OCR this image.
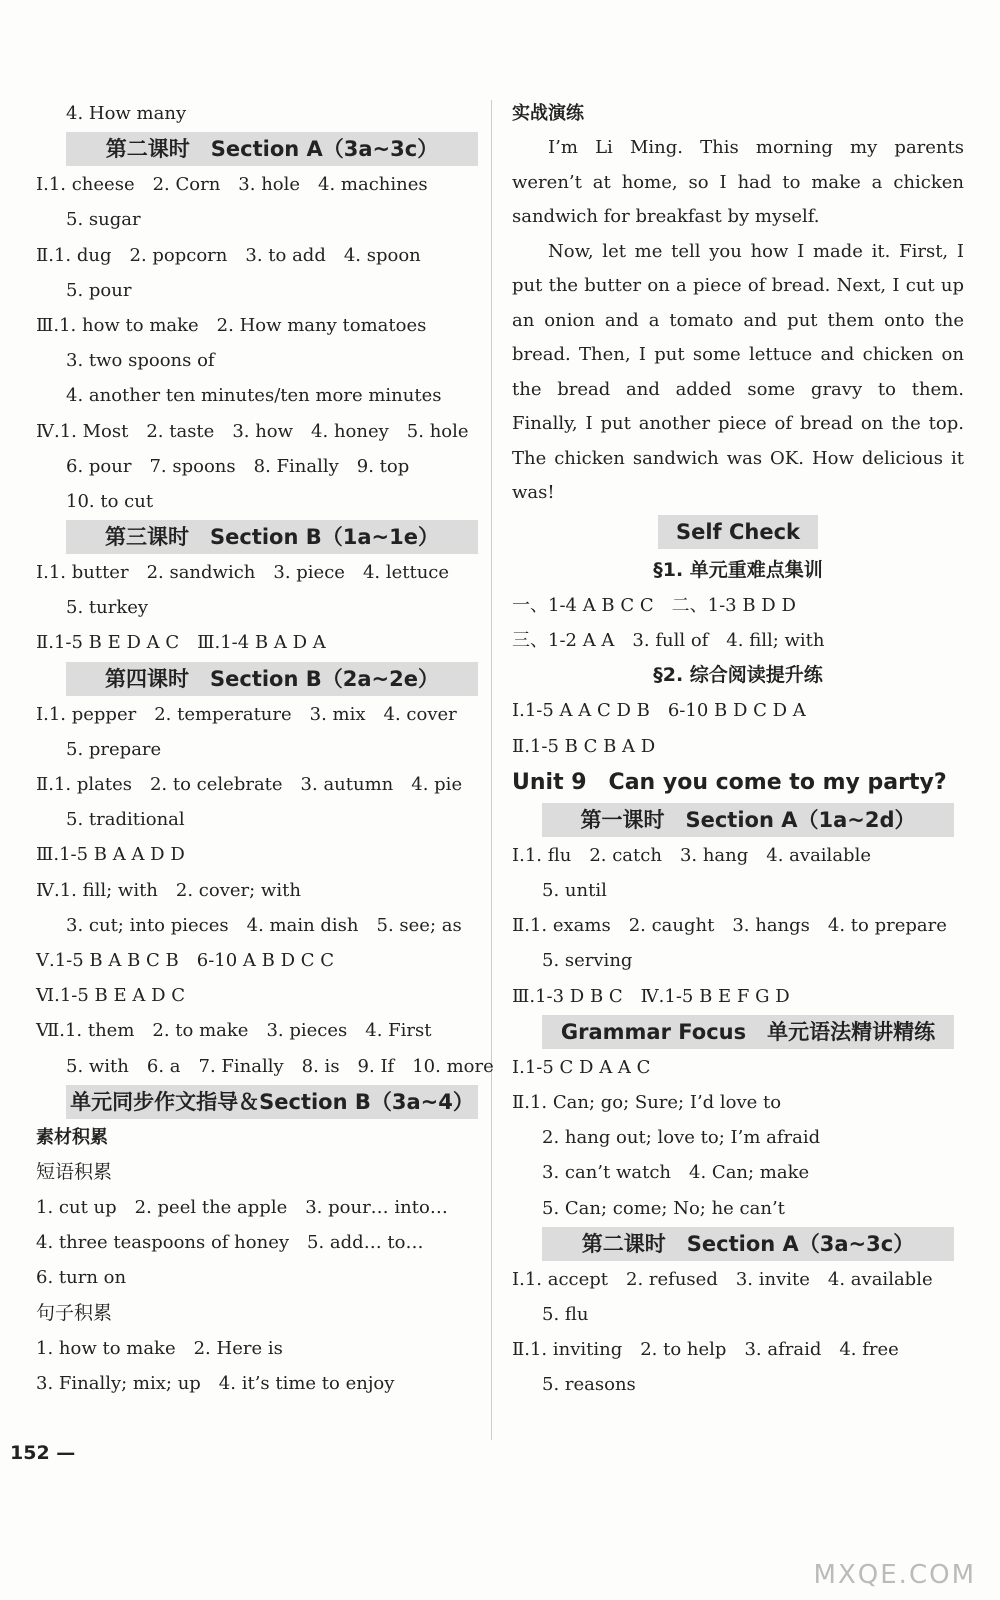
4. How many
第二课时　Section A（3a~3c）
Ⅰ.1. cheese　2. Corn　3. hole　4. machines
5. sugar
Ⅱ.1. dug　2. popcorn　3. to add　4. spoon
5. pour
Ⅲ.1. how to make　2. How many tomatoes
3. two spoons of
4. another ten minutes/ten more minutes
Ⅳ.1. Most　2. taste　3. how　4. honey　5. hole
6. pour　7. spoons　8. Finally　9. top
10. to cut
第三课时　Section B（1a~1e）
Ⅰ.1. butter　2. sandwich　3. piece　4. lettuce
5. turkey
Ⅱ.1-5 B E D A C　Ⅲ.1-4 B A D A
第四课时　Section B（2a~2e）
Ⅰ.1. pepper　2. temperature　3. mix　4. cover
5. prepare
Ⅱ.1. plates　2. to celebrate　3. autumn　4. pie
5. traditional
Ⅲ.1-5 B A A D D
Ⅳ.1. fill; with　2. cover; with
3. cut; into pieces　4. main dish　5. see; as
Ⅴ.1-5 B A B C B　6-10 A B D C C
Ⅵ.1-5 B E A D C
Ⅶ.1. them　2. to make　3. pieces　4. First
5. with　6. a　7. Finally　8. is　9. If　10. more
单元同步作文指导＆Section B（3a~4）
素材积累
短语积累
1. cut up　2. peel the apple　3. pour… into…
4. three teaspoons of honey　5. add… to…
6. turn on
句子积累
1. how to make　2. Here is
3. Finally; mix; up　4. it’s time to enjoy
实战演练

I’m Li Ming. This morning my parents weren’t at home, so I had to make a chicken sandwich for breakfast by myself.

Now, let me tell you how I made it. First, I put the butter on a piece of bread. Next, I cut up an onion and a tomato and put them onto the bread. Then, I put some lettuce and chicken on the bread and added some gravy to them. Finally, I put another piece of bread on the top. The chicken sandwich was OK. How delicious it was!

Self Check
§1. 单元重难点集训
一、1-4 A B C C　二、1-3 B D D
三、1-2 A A　3. full of　4. fill; with
§2. 综合阅读提升练
Ⅰ.1-5 A A C D B　6-10 B D C D A
Ⅱ.1-5 B C B A D
Unit 9　Can you come to my party?
第一课时　Section A（1a~2d）
Ⅰ.1. flu　2. catch　3. hang　4. available
5. until
Ⅱ.1. exams　2. caught　3. hangs　4. to prepare
5. serving
Ⅲ.1-3 D B C　Ⅳ.1-5 B E F G D
Grammar Focus　单元语法精讲精练
Ⅰ.1-5 C D A A C
Ⅱ.1. Can; go; Sure; I’d love to
2. hang out; love to; I’m afraid
3. can’t watch　4. Can; make
5. Can; come; No; he can’t
第二课时　Section A（3a~3c）
Ⅰ.1. accept　2. refused　3. invite　4. available
5. flu
Ⅱ.1. inviting　2. to help　3. afraid　4. free
5. reasons
152 —
MXQE.COM
